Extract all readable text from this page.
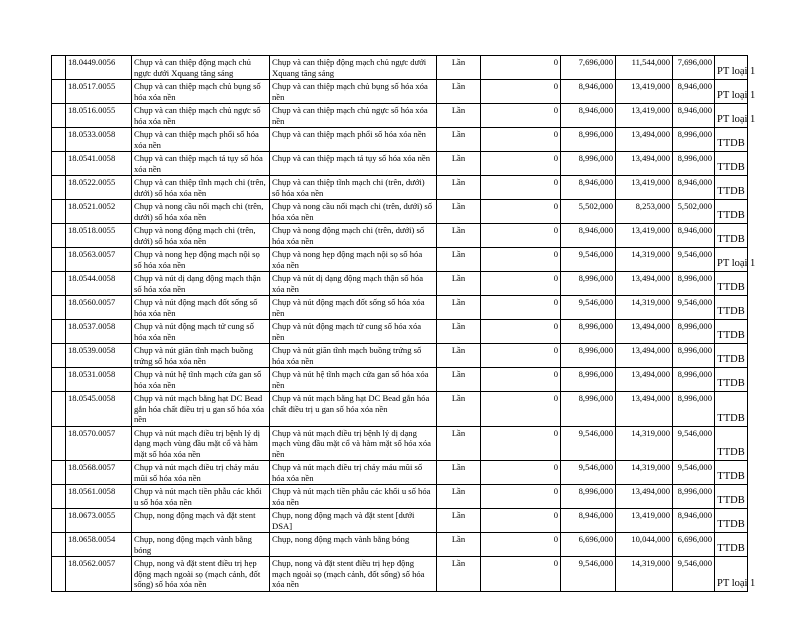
	18.0449.0056	Chụp và can thiệp động mạch chủ ngực dưới Xquang tăng sáng	Chụp và can thiệp động mạch chủ ngực dưới Xquang tăng sáng	Lần	0	7,696,000	11,544,000	7,696,000	PT loại 1
	18.0517.0055	Chụp và can thiệp mạch chủ bụng số hóa xóa nền	Chụp và can thiệp mạch chủ bụng số hóa xóa nền	Lần	0	8,946,000	13,419,000	8,946,000	PT loại 1
	18.0516.0055	Chụp và can thiệp mạch chủ ngực số hóa xóa nền	Chụp và can thiệp mạch chủ ngực số hóa xóa nền	Lần	0	8,946,000	13,419,000	8,946,000	PT loại 1
	18.0533.0058	Chụp và can thiệp mạch phổi số hóa xóa nền	Chụp và can thiệp mạch phổi số hóa xóa nền	Lần	0	8,996,000	13,494,000	8,996,000	TTDB
	18.0541.0058	Chụp và can thiệp mạch tá tụy số hóa xóa nền	Chụp và can thiệp mạch tá tụy số hóa xóa nền	Lần	0	8,996,000	13,494,000	8,996,000	TTDB
	18.0522.0055	Chụp và can thiệp tĩnh mạch chi (trên, dưới) số hóa xóa nền	Chụp và can thiệp tĩnh mạch chi (trên, dưới) số hóa xóa nền	Lần	0	8,946,000	13,419,000	8,946,000	TTDB
	18.0521.0052	Chụp và nong cầu nối mạch chi (trên, dưới) số hóa xóa nền	Chụp và nong cầu nối mạch chi (trên, dưới) số hóa xóa nền	Lần	0	5,502,000	8,253,000	5,502,000	TTDB
	18.0518.0055	Chụp và nong động mạch chi (trên, dưới) số hóa xóa nền	Chụp và nong động mạch chi (trên, dưới) số hóa xóa nền	Lần	0	8,946,000	13,419,000	8,946,000	TTDB
	18.0563.0057	Chụp và nong hẹp động mạch nội sọ số hóa xóa nền	Chụp và nong hẹp động mạch nội sọ số hóa xóa nền	Lần	0	9,546,000	14,319,000	9,546,000	PT loại 1
	18.0544.0058	Chụp và nút dị dạng động mạch thận số hóa xóa nền	Chụp và nút dị dạng động mạch thận số hóa xóa nền	Lần	0	8,996,000	13,494,000	8,996,000	TTDB
	18.0560.0057	Chụp và nút động mạch đốt sống số hóa xóa nền	Chụp và nút động mạch đốt sống số hóa xóa nền	Lần	0	9,546,000	14,319,000	9,546,000	TTDB
	18.0537.0058	Chụp và nút động mạch tử cung số hóa xóa nền	Chụp và nút động mạch tử cung số hóa xóa nền	Lần	0	8,996,000	13,494,000	8,996,000	TTDB
	18.0539.0058	Chụp và nút giãn tĩnh mạch buồng trứng số hóa xóa nền	Chụp và nút giãn tĩnh mạch buồng trứng số hóa xóa nền	Lần	0	8,996,000	13,494,000	8,996,000	TTDB
	18.0531.0058	Chụp và nút hệ tĩnh mạch cửa gan số hóa xóa nền	Chụp và nút hệ tĩnh mạch cửa gan số hóa xóa nền	Lần	0	8,996,000	13,494,000	8,996,000	TTDB
	18.0545.0058	Chụp và nút mạch bằng hạt DC Bead gắn hóa chất điều trị u gan số hóa xóa nền	Chụp và nút mạch bằng hạt DC Bead gắn hóa chất điều trị u gan số hóa xóa nền	Lần	0	8,996,000	13,494,000	8,996,000	TTDB
	18.0570.0057	Chụp và nút mạch điều trị bệnh lý dị dạng mạch vùng đầu mặt cổ và hàm mặt số hóa xóa nền	Chụp và nút mạch điều trị bệnh lý dị dạng mạch vùng đầu mặt cổ và hàm mặt số hóa xóa nền	Lần	0	9,546,000	14,319,000	9,546,000	TTDB
	18.0568.0057	Chụp và nút mạch điều trị chảy máu mũi số hóa xóa nền	Chụp và nút mạch điều trị chảy máu mũi số hóa xóa nền	Lần	0	9,546,000	14,319,000	9,546,000	TTDB
	18.0561.0058	Chụp và nút mạch tiền phẫu các khối u số hóa xóa nền	Chụp và nút mạch tiền phẫu các khối u số hóa xóa nền	Lần	0	8,996,000	13,494,000	8,996,000	TTDB
	18.0673.0055	Chụp, nong động mạch và đặt stent	Chụp, nong động mạch và đặt stent [dưới DSA]	Lần	0	8,946,000	13,419,000	8,946,000	TTDB
	18.0658.0054	Chụp, nong động mạch vành bằng bóng	Chụp, nong động mạch vành bằng bóng	Lần	0	6,696,000	10,044,000	6,696,000	TTDB
	18.0562.0057	Chụp, nong và đặt stent điều trị hẹp động mạch ngoài sọ (mạch cảnh, đốt sống) số hóa xóa nền	Chụp, nong và đặt stent điều trị hẹp động mạch ngoài sọ (mạch cảnh, đốt sống) số hóa xóa nền	Lần	0	9,546,000	14,319,000	9,546,000	PT loại 1
